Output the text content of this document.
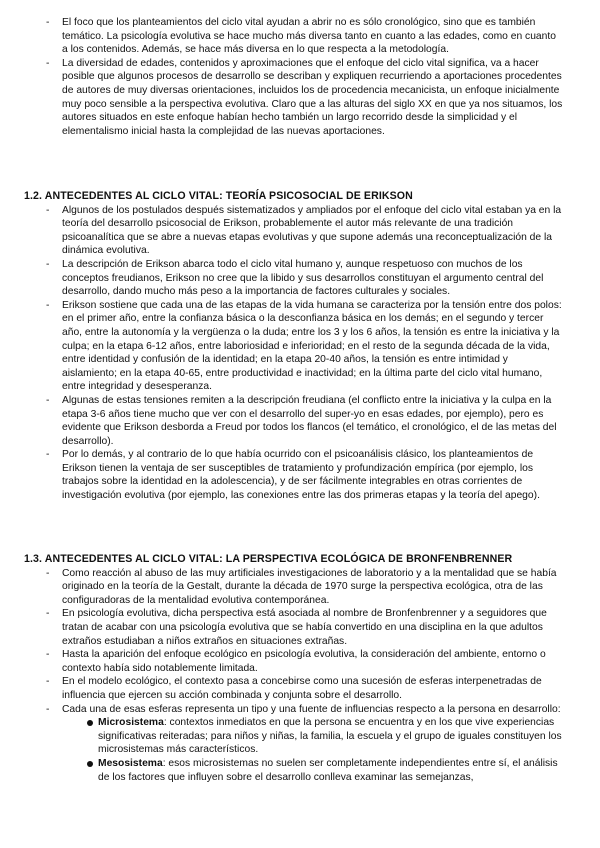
- El foco que los planteamientos del ciclo vital ayudan a abrir no es sólo cronológico, sino que es también temático. La psicología evolutiva se hace mucho más diversa tanto en cuanto a las edades, como en cuanto a los contenidos. Además, se hace más diversa en lo que respecta a la metodología.
- La diversidad de edades, contenidos y aproximaciones que el enfoque del ciclo vital significa, va a hacer posible que algunos procesos de desarrollo se describan y expliquen recurriendo a aportaciones procedentes de autores de muy diversas orientaciones, incluidos los de procedencia mecanicista, un enfoque inicialmente muy poco sensible a la perspectiva evolutiva. Claro que a las alturas del siglo XX en que ya nos situamos, los autores situados en este enfoque habían hecho también un largo recorrido desde la simplicidad y el elementalismo inicial hasta la complejidad de las nuevas aportaciones.
1.2. ANTECEDENTES AL CICLO VITAL: TEORÍA PSICOSOCIAL DE ERIKSON
- Algunos de los postulados después sistematizados y ampliados por el enfoque del ciclo vital estaban ya en la teoría del desarrollo psicosocial de Erikson, probablemente el autor más relevante de una tradición psicoanalítica que se abre a nuevas etapas evolutivas y que supone además una reconceptualización de la dinámica evolutiva.
- La descripción de Erikson abarca todo el ciclo vital humano y, aunque respetuoso con muchos de los conceptos freudianos, Erikson no cree que la libido y sus desarrollos constituyan el argumento central del desarrollo, dando mucho más peso a la importancia de factores culturales y sociales.
- Erikson sostiene que cada una de las etapas de la vida humana se caracteriza por la tensión entre dos polos: en el primer año, entre la confianza básica o la desconfianza básica en los demás; en el segundo y tercer año, entre la autonomía y la vergüenza o la duda; entre los 3 y los 6 años, la tensión es entre la iniciativa y la culpa; en la etapa 6-12 años, entre laboriosidad e inferioridad; en el resto de la segunda década de la vida, entre identidad y confusión de la identidad; en la etapa 20-40 años, la tensión es entre intimidad y aislamiento; en la etapa 40-65, entre productividad e inactividad; en la última parte del ciclo vital humano, entre integridad y desesperanza.
- Algunas de estas tensiones remiten a la descripción freudiana (el conflicto entre la iniciativa y la culpa en la etapa 3-6 años tiene mucho que ver con el desarrollo del super-yo en esas edades, por ejemplo), pero es evidente que Erikson desborda a Freud por todos los flancos (el temático, el cronológico, el de las metas del desarrollo).
- Por lo demás, y al contrario de lo que había ocurrido con el psicoanálisis clásico, los planteamientos de Erikson tienen la ventaja de ser susceptibles de tratamiento y profundización empírica (por ejemplo, los trabajos sobre la identidad en la adolescencia), y de ser fácilmente integrables en otras corrientes de investigación evolutiva (por ejemplo, las conexiones entre las dos primeras etapas y la teoría del apego).
1.3. ANTECEDENTES AL CICLO VITAL: LA PERSPECTIVA ECOLÓGICA DE BRONFENBRENNER
- Como reacción al abuso de las muy artificiales investigaciones de laboratorio y a la mentalidad que se había originado en la teoría de la Gestalt, durante la década de 1970 surge la perspectiva ecológica, otra de las configuradoras de la mentalidad evolutiva contemporánea.
- En psicología evolutiva, dicha perspectiva está asociada al nombre de Bronfenbrenner y a seguidores que tratan de acabar con una psicología evolutiva que se había convertido en una disciplina en la que adultos extraños estudiaban a niños extraños en situaciones extrañas.
- Hasta la aparición del enfoque ecológico en psicología evolutiva, la consideración del ambiente, entorno o contexto había sido notablemente limitada.
- En el modelo ecológico, el contexto pasa a concebirse como una sucesión de esferas interpenetradas de influencia que ejercen su acción combinada y conjunta sobre el desarrollo.
- Cada una de esas esferas representa un tipo y una fuente de influencias respecto a la persona en desarrollo:
Microsistema: contextos inmediatos en que la persona se encuentra y en los que vive experiencias significativas reiteradas; para niños y niñas, la familia, la escuela y el grupo de iguales constituyen los microsistemas más característicos.
Mesosistema: esos microsistemas no suelen ser completamente independientes entre sí, el análisis de los factores que influyen sobre el desarrollo conlleva examinar las semejanzas,
